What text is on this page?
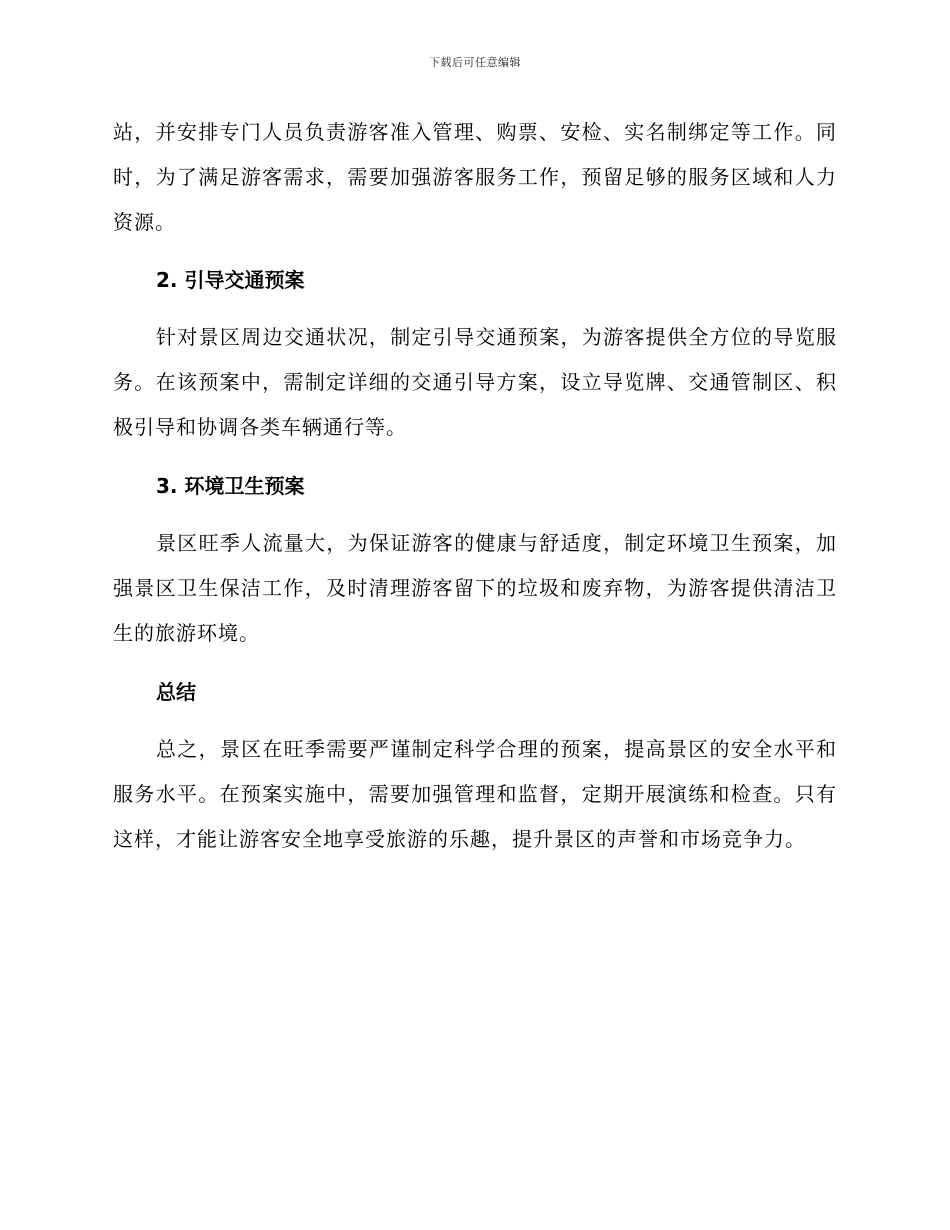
下载后可任意编辑

站，并安排专门人员负责游客准入管理、购票、安检、实名制绑定等工作。同时，为了满足游客需求，需要加强游客服务工作，预留足够的服务区域和人力资源。

2. 引导交通预案

针对景区周边交通状况，制定引导交通预案，为游客提供全方位的导览服务。在该预案中，需制定详细的交通引导方案，设立导览牌、交通管制区、积极引导和协调各类车辆通行等。

3. 环境卫生预案

景区旺季人流量大，为保证游客的健康与舒适度，制定环境卫生预案，加强景区卫生保洁工作，及时清理游客留下的垃圾和废弃物，为游客提供清洁卫生的旅游环境。

总结

总之，景区在旺季需要严谨制定科学合理的预案，提高景区的安全水平和服务水平。在预案实施中，需要加强管理和监督，定期开展演练和检查。只有这样，才能让游客安全地享受旅游的乐趣，提升景区的声誉和市场竞争力。
